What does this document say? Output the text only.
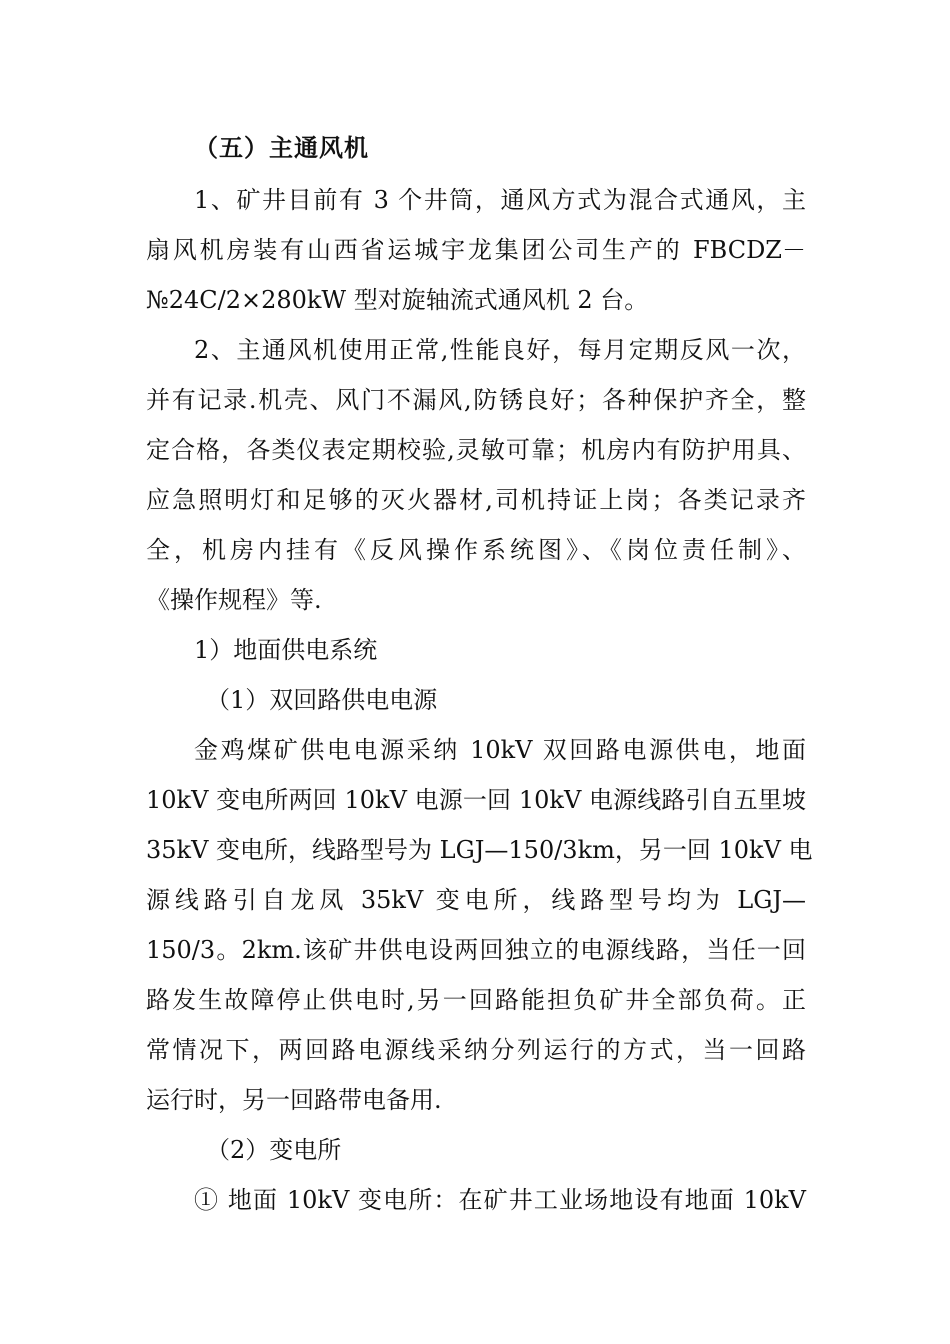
（五）主通风机
1、矿井目前有 3 个井筒，通风方式为混合式通风，主
扇风机房装有山西省运城宇龙集团公司生产的 FBCDZ－
№24C/2×280kW 型对旋轴流式通风机 2 台。
2、主通风机使用正常,性能良好，每月定期反风一次，
并有记录.机壳、风门不漏风,防锈良好；各种保护齐全，整
定合格，各类仪表定期校验,灵敏可靠；机房内有防护用具、
应急照明灯和足够的灭火器材,司机持证上岗；各类记录齐
全，机房内挂有《反风操作系统图》、《岗位责任制》、
《操作规程》等.
1）地面供电系统
（1）双回路供电电源
金鸡煤矿供电电源采纳 10kV 双回路电源供电，地面
10kV 变电所两回 10kV 电源一回 10kV 电源线路引自五里坡
35kV 变电所，线路型号为 LGJ—150/3km，另一回 10kV 电
源线路引自龙凤 35kV 变电所，线路型号均为 LGJ—
150/3。2km.该矿井供电设两回独立的电源线路，当任一回
路发生故障停止供电时,另一回路能担负矿井全部负荷。正
常情况下，两回路电源线采纳分列运行的方式，当一回路
运行时，另一回路带电备用.
（2）变电所
① 地面 10kV 变电所：在矿井工业场地设有地面 10kV
